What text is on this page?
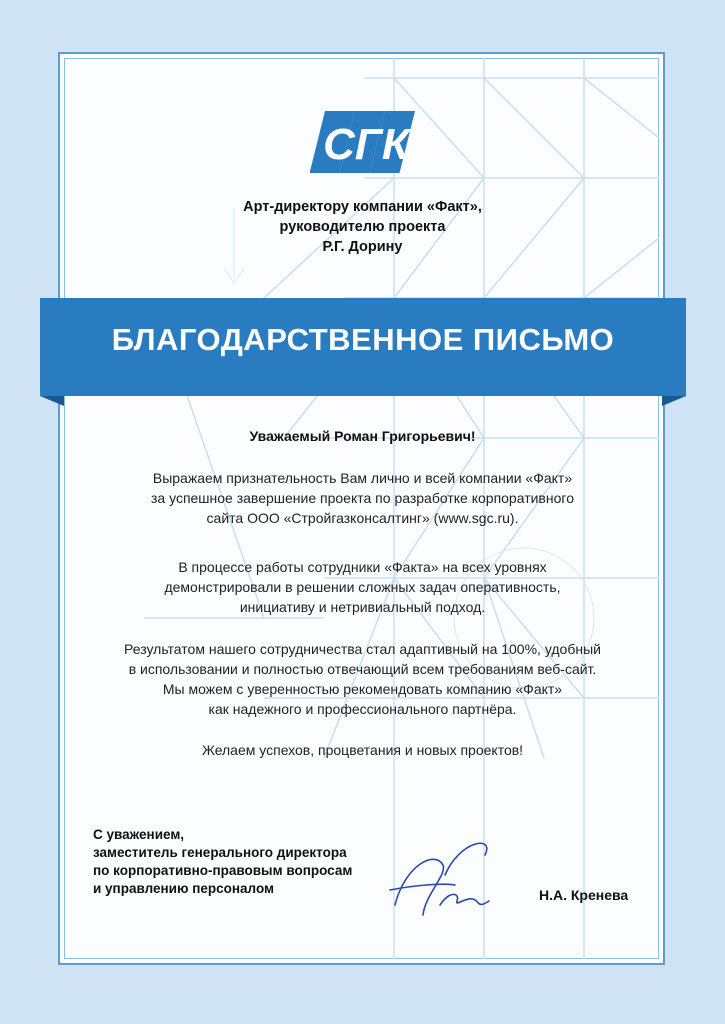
СГК
Арт-директору компании «Факт»,
руководителю проекта
Р.Г. Дорину
БЛАГОДАРСТВЕННОЕ ПИСЬМО
Уважаемый Роман Григорьевич!
Выражаем признательность Вам лично и всей компании «Факт»
за успешное завершение проекта по разработке корпоративного
сайта ООО «Стройгазконсалтинг» (www.sgc.ru).
В процессе работы сотрудники «Факта» на всех уровнях
демонстрировали в решении сложных задач оперативность,
инициативу и нетривиальный подход.
Результатом нашего сотрудничества стал адаптивный на 100%, удобный
в использовании и полностью отвечающий всем требованиям веб-сайт.
Мы можем с уверенностью рекомендовать компанию «Факт»
как надежного и профессионального партнёра.
Желаем успехов, процветания и новых проектов!
С уважением,
заместитель генерального директора
по корпоративно-правовым вопросам
и управлению персоналом	Н.А. Кренева
